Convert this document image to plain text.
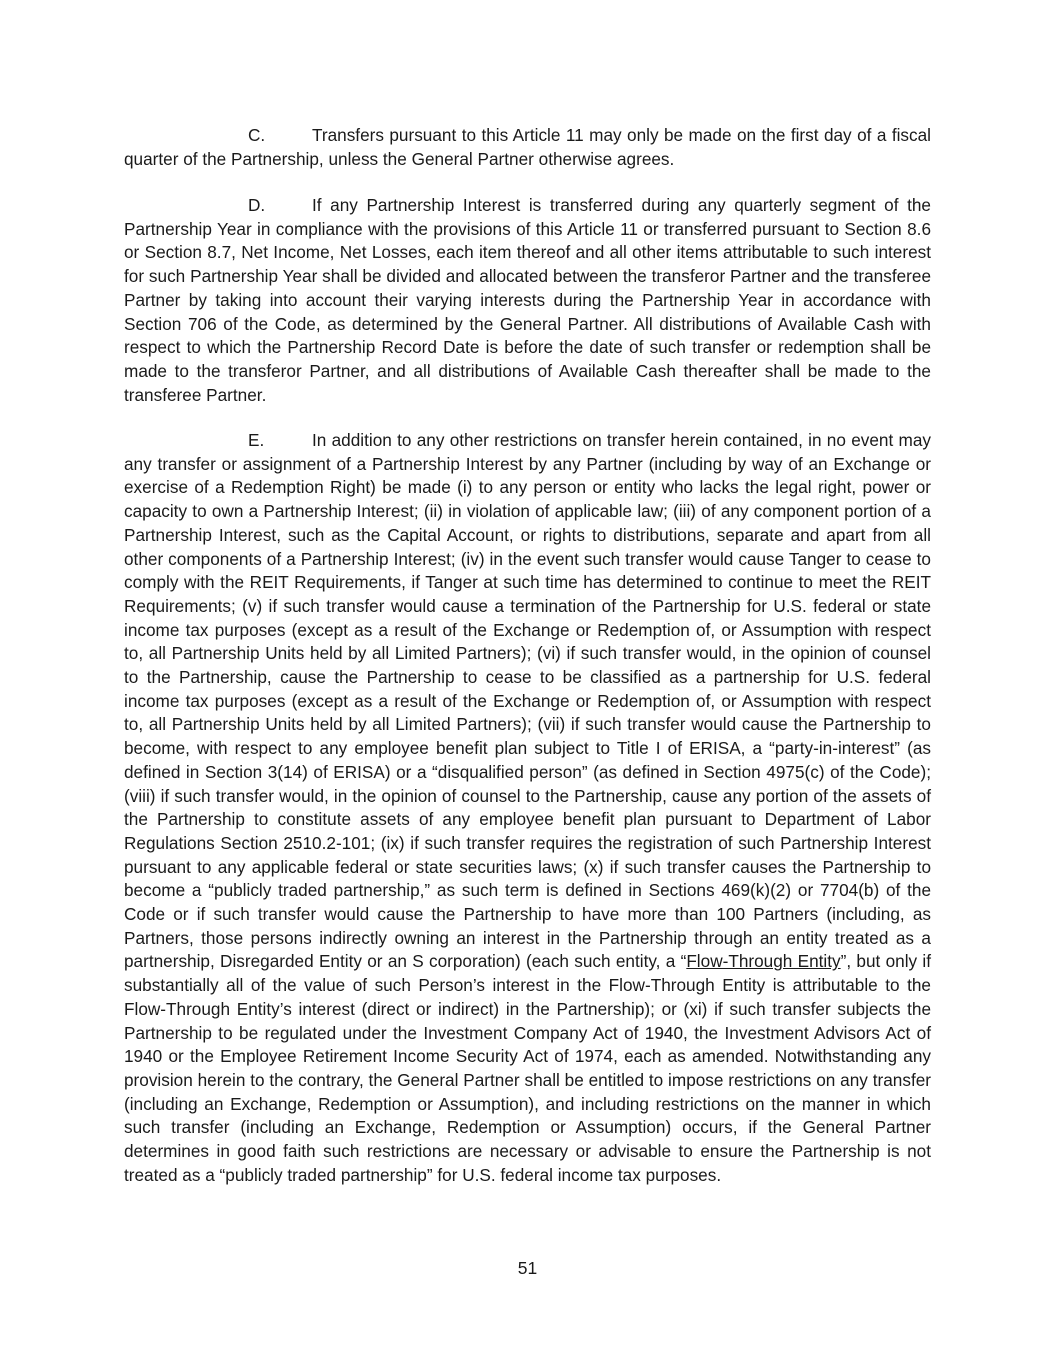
C.	Transfers pursuant to this Article 11 may only be made on the first day of a fiscal quarter of the Partnership, unless the General Partner otherwise agrees.

D.	If any Partnership Interest is transferred during any quarterly segment of the Partnership Year in compliance with the provisions of this Article 11 or transferred pursuant to Section 8.6 or Section 8.7, Net Income, Net Losses, each item thereof and all other items attributable to such interest for such Partnership Year shall be divided and allocated between the transferor Partner and the transferee Partner by taking into account their varying interests during the Partnership Year in accordance with Section 706 of the Code, as determined by the General Partner. All distributions of Available Cash with respect to which the Partnership Record Date is before the date of such transfer or redemption shall be made to the transferor Partner, and all distributions of Available Cash thereafter shall be made to the transferee Partner.

E.	In addition to any other restrictions on transfer herein contained, in no event may any transfer or assignment of a Partnership Interest by any Partner (including by way of an Exchange or exercise of a Redemption Right) be made (i) to any person or entity who lacks the legal right, power or capacity to own a Partnership Interest; (ii) in violation of applicable law; (iii) of any component portion of a Partnership Interest, such as the Capital Account, or rights to distributions, separate and apart from all other components of a Partnership Interest; (iv) in the event such transfer would cause Tanger to cease to comply with the REIT Requirements, if Tanger at such time has determined to continue to meet the REIT Requirements; (v) if such transfer would cause a termination of the Partnership for U.S. federal or state income tax purposes (except as a result of the Exchange or Redemption of, or Assumption with respect to, all Partnership Units held by all Limited Partners); (vi) if such transfer would, in the opinion of counsel to the Partnership, cause the Partnership to cease to be classified as a partnership for U.S. federal income tax purposes (except as a result of the Exchange or Redemption of, or Assumption with respect to, all Partnership Units held by all Limited Partners); (vii) if such transfer would cause the Partnership to become, with respect to any employee benefit plan subject to Title I of ERISA, a “party-in-interest” (as defined in Section 3(14) of ERISA) or a “disqualified person” (as defined in Section 4975(c) of the Code); (viii) if such transfer would, in the opinion of counsel to the Partnership, cause any portion of the assets of the Partnership to constitute assets of any employee benefit plan pursuant to Department of Labor Regulations Section 2510.2-101; (ix) if such transfer requires the registration of such Partnership Interest pursuant to any applicable federal or state securities laws; (x) if such transfer causes the Partnership to become a “publicly traded partnership,” as such term is defined in Sections 469(k)(2) or 7704(b) of the Code or if such transfer would cause the Partnership to have more than 100 Partners (including, as Partners, those persons indirectly owning an interest in the Partnership through an entity treated as a partnership, Disregarded Entity or an S corporation) (each such entity, a “Flow-Through Entity”, but only if substantially all of the value of such Person’s interest in the Flow-Through Entity is attributable to the Flow-Through Entity’s interest (direct or indirect) in the Partnership); or (xi) if such transfer subjects the Partnership to be regulated under the Investment Company Act of 1940, the Investment Advisors Act of 1940 or the Employee Retirement Income Security Act of 1974, each as amended. Notwithstanding any provision herein to the contrary, the General Partner shall be entitled to impose restrictions on any transfer (including an Exchange, Redemption or Assumption), and including restrictions on the manner in which such transfer (including an Exchange, Redemption or Assumption) occurs, if the General Partner determines in good faith such restrictions are necessary or advisable to ensure the Partnership is not treated as a “publicly traded partnership” for U.S. federal income tax purposes.

51
